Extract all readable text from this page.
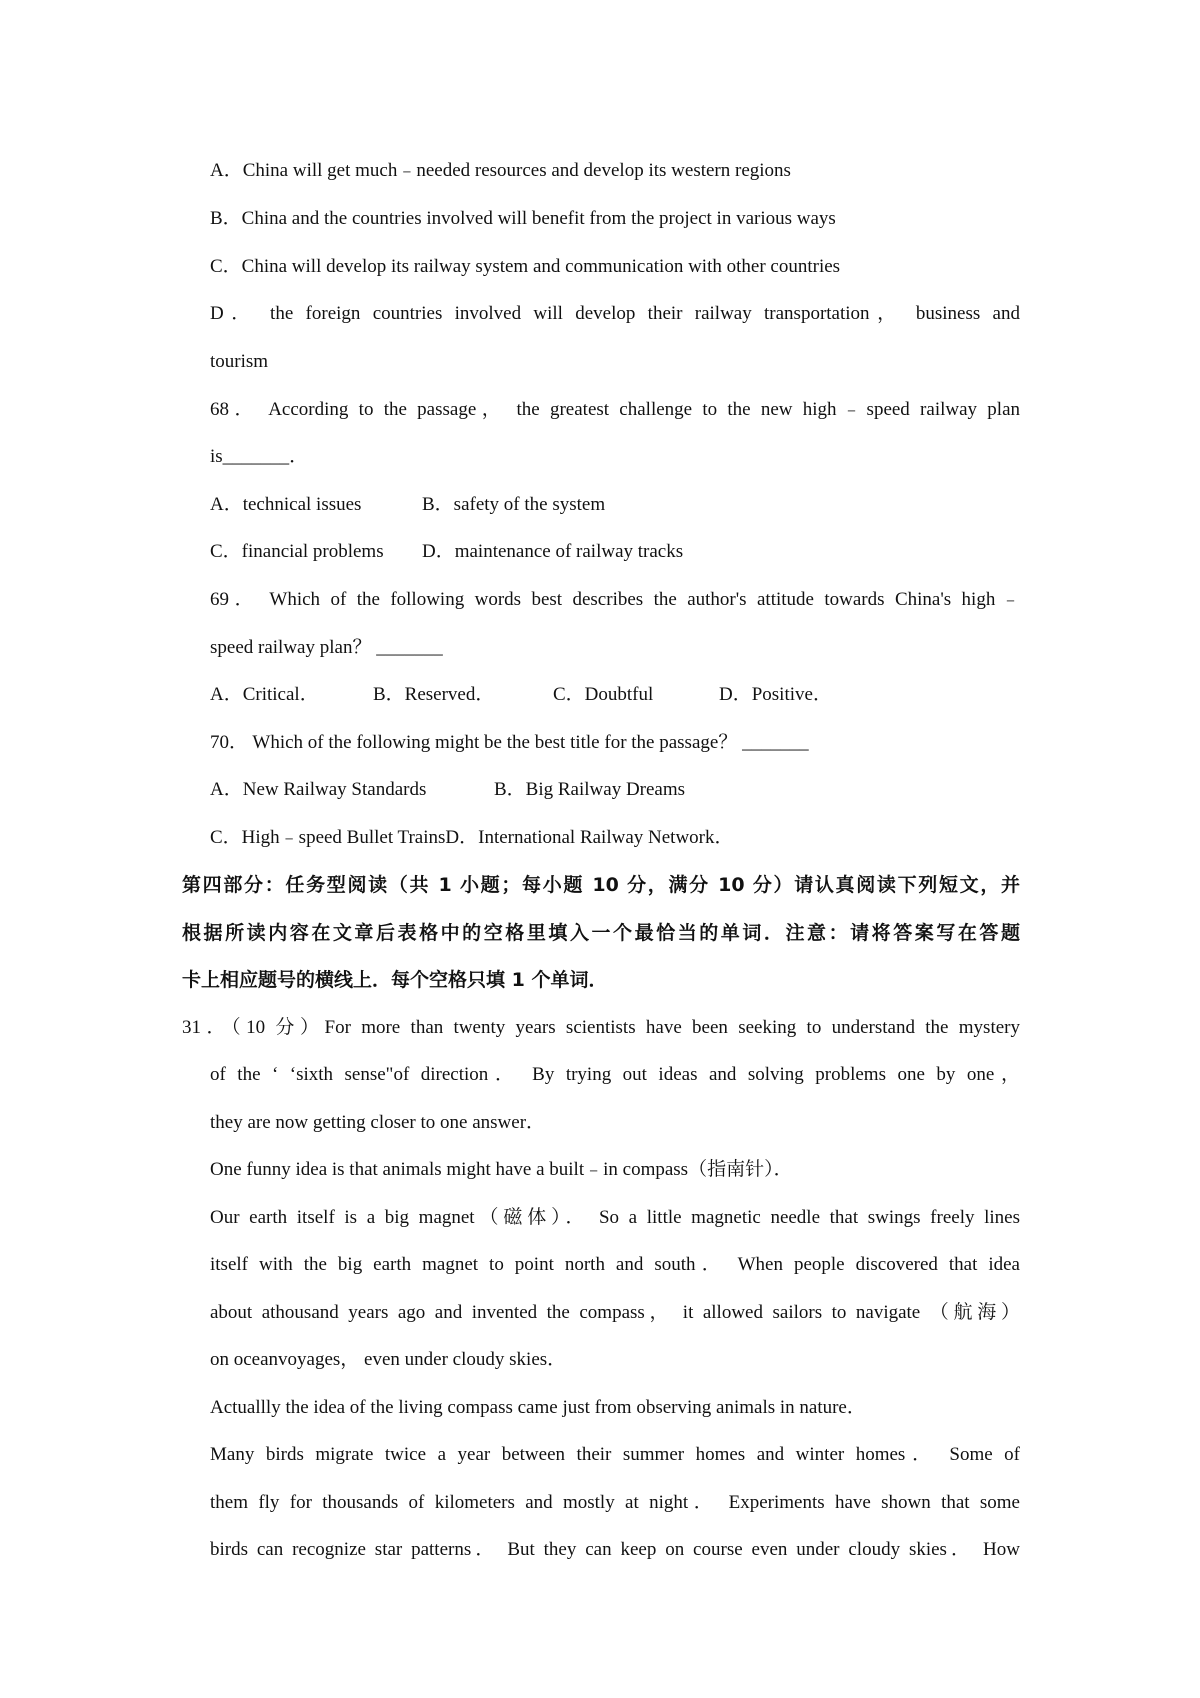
A．China will get much﹣needed resources and develop its western regions
B．China and the countries involved will benefit from the project in various ways
C．China will develop its railway system and communication with other countries
D． the foreign countries involved will develop their railway transportation， business and
tourism
68． According to the passage， the greatest challenge to the new high﹣speed railway plan
is_______．
A．technical issues	B．safety of the system
C．financial problems D．maintenance of railway tracks
69． Which of the following words best describes the author's attitude towards China's high﹣
speed railway plan？ _______
A．Critical．	B．Reserved．	C．Doubtful	D．Positive．
70． Which of the following might be the best title for the passage？ _______
A．New Railway Standards	B．Big Railway Dreams
C．High﹣speed Bullet TrainsD．International Railway Network．
第四部分：任务型阅读（共 1 小题；每小题 10 分，满分 10 分）请认真阅读下列短文，并
根据所读内容在文章后表格中的空格里填入一个最恰当的单词．注意：请将答案写在答题
卡上相应题号的横线上．每个空格只填 1 个单词．
31．（10 分）For more than twenty years scientists have been seeking to understand the mystery
of the ‘ ‘sixth sense"of direction． By trying out ideas and solving problems one by one，
they are now getting closer to one answer．
One funny idea is that animals might have a built﹣in compass（指南针）．
Our earth itself is a big magnet（磁体）． So a little magnetic needle that swings freely lines
itself with the big earth magnet to point north and south． When people discovered that idea
about athousand years ago and invented the compass， it allowed sailors to navigate （航海）
on oceanvoyages， even under cloudy skies．
Actuallly the idea of the living compass came just from observing animals in nature．
Many birds migrate twice a year between their summer homes and winter homes． Some of
them fly for thousands of kilometers and mostly at night． Experiments have shown that some
birds can recognize star patterns． But they can keep on course even under cloudy skies． How
